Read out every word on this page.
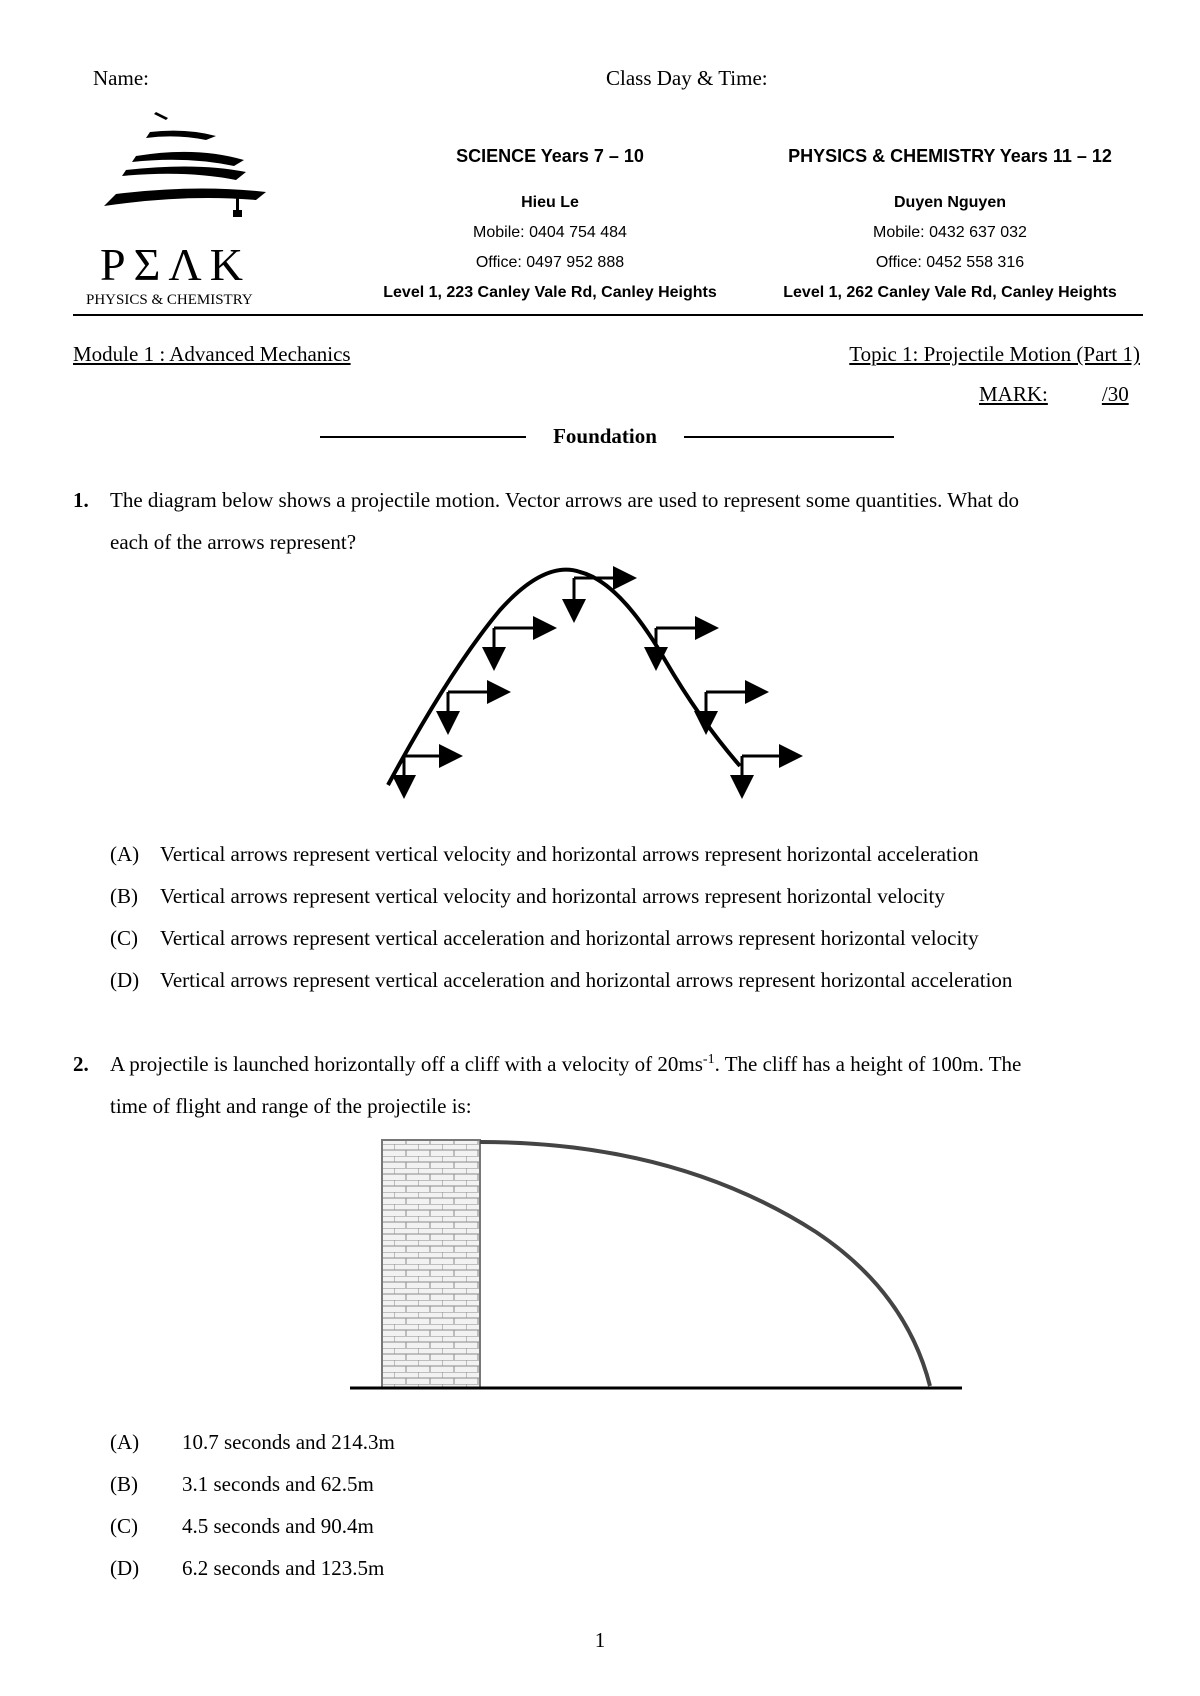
Name:	Class Day & Time:
PΣΛK
PHYSICS & CHEMISTRY
SCIENCE Years 7 – 10
Hieu Le
Mobile: 0404 754 484
Office: 0497 952 888
Level 1, 223 Canley Vale Rd, Canley Heights
PHYSICS & CHEMISTRY Years 11 – 12
Duyen Nguyen
Mobile: 0432 637 032
Office: 0452 558 316
Level 1, 262 Canley Vale Rd, Canley Heights
Module 1 : Advanced Mechanics	Topic 1: Projectile Motion (Part 1)
MARK:	/30
Foundation
1. The diagram below shows a projectile motion. Vector arrows are used to represent some quantities. What do
each of the arrows represent?
(A) Vertical arrows represent vertical velocity and horizontal arrows represent horizontal acceleration
(B) Vertical arrows represent vertical velocity and horizontal arrows represent horizontal velocity
(C) Vertical arrows represent vertical acceleration and horizontal arrows represent horizontal velocity
(D) Vertical arrows represent vertical acceleration and horizontal arrows represent horizontal acceleration
2. A projectile is launched horizontally off a cliff with a velocity of $20ms^{-1}$. The cliff has a height of 100m. The
time of flight and range of the projectile is:
(A) 10.7 seconds and 214.3m
(B) 3.1 seconds and 62.5m
(C) 4.5 seconds and 90.4m
(D) 6.2 seconds and 123.5m
1
